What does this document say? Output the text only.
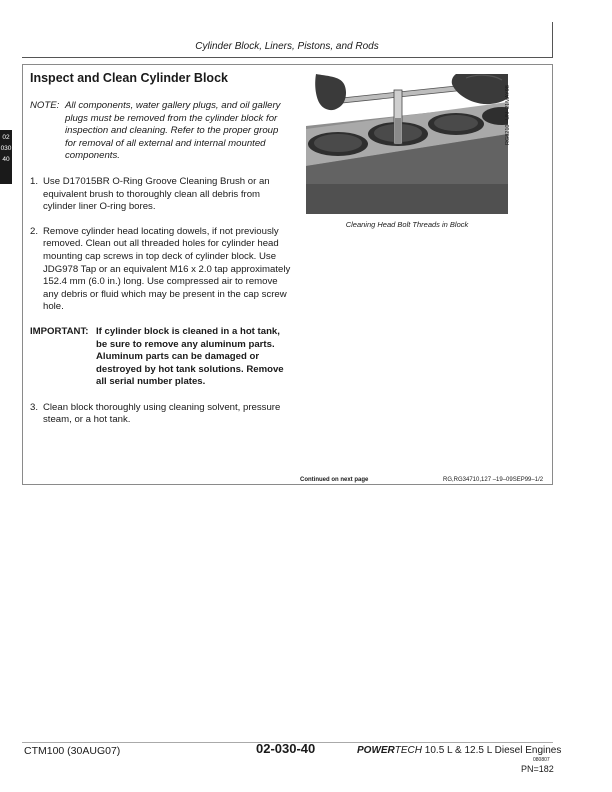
Cylinder Block, Liners, Pistons, and Rods
02
030
40
Inspect and Clean Cylinder Block
NOTE: All components, water gallery plugs, and oil gallery plugs must be removed from the cylinder block for inspection and cleaning. Refer to the proper group for removal of all external and internal mounted components.
1. Use D17015BR O-Ring Groove Cleaning Brush or an equivalent brush to thoroughly clean all debris from cylinder liner O-ring bores.
2. Remove cylinder head locating dowels, if not previously removed. Clean out all threaded holes for cylinder head mounting cap screws in top deck of cylinder block. Use JDG978 Tap or an equivalent M16 x 2.0 tap approximately 152.4 mm (6.0 in.) long. Use compressed air to remove any debris or fluid which may be present in the cap screw hole.
IMPORTANT: If cylinder block is cleaned in a hot tank, be sure to remove any aluminum parts. Aluminum parts can be damaged or destroyed by hot tank solutions. Remove all serial number plates.
3. Clean block thoroughly using cleaning solvent, pressure steam, or a hot tank.
RG8210 –UN–21MAY98
Cleaning Head Bolt Threads in Block
Continued on next page	RG,RG34710,127 –19–09SEP99–1/2
CTM100 (30AUG07)	02-030-40	POWERTECH 10.5 L & 12.5 L Diesel Engines
080807
PN=182
